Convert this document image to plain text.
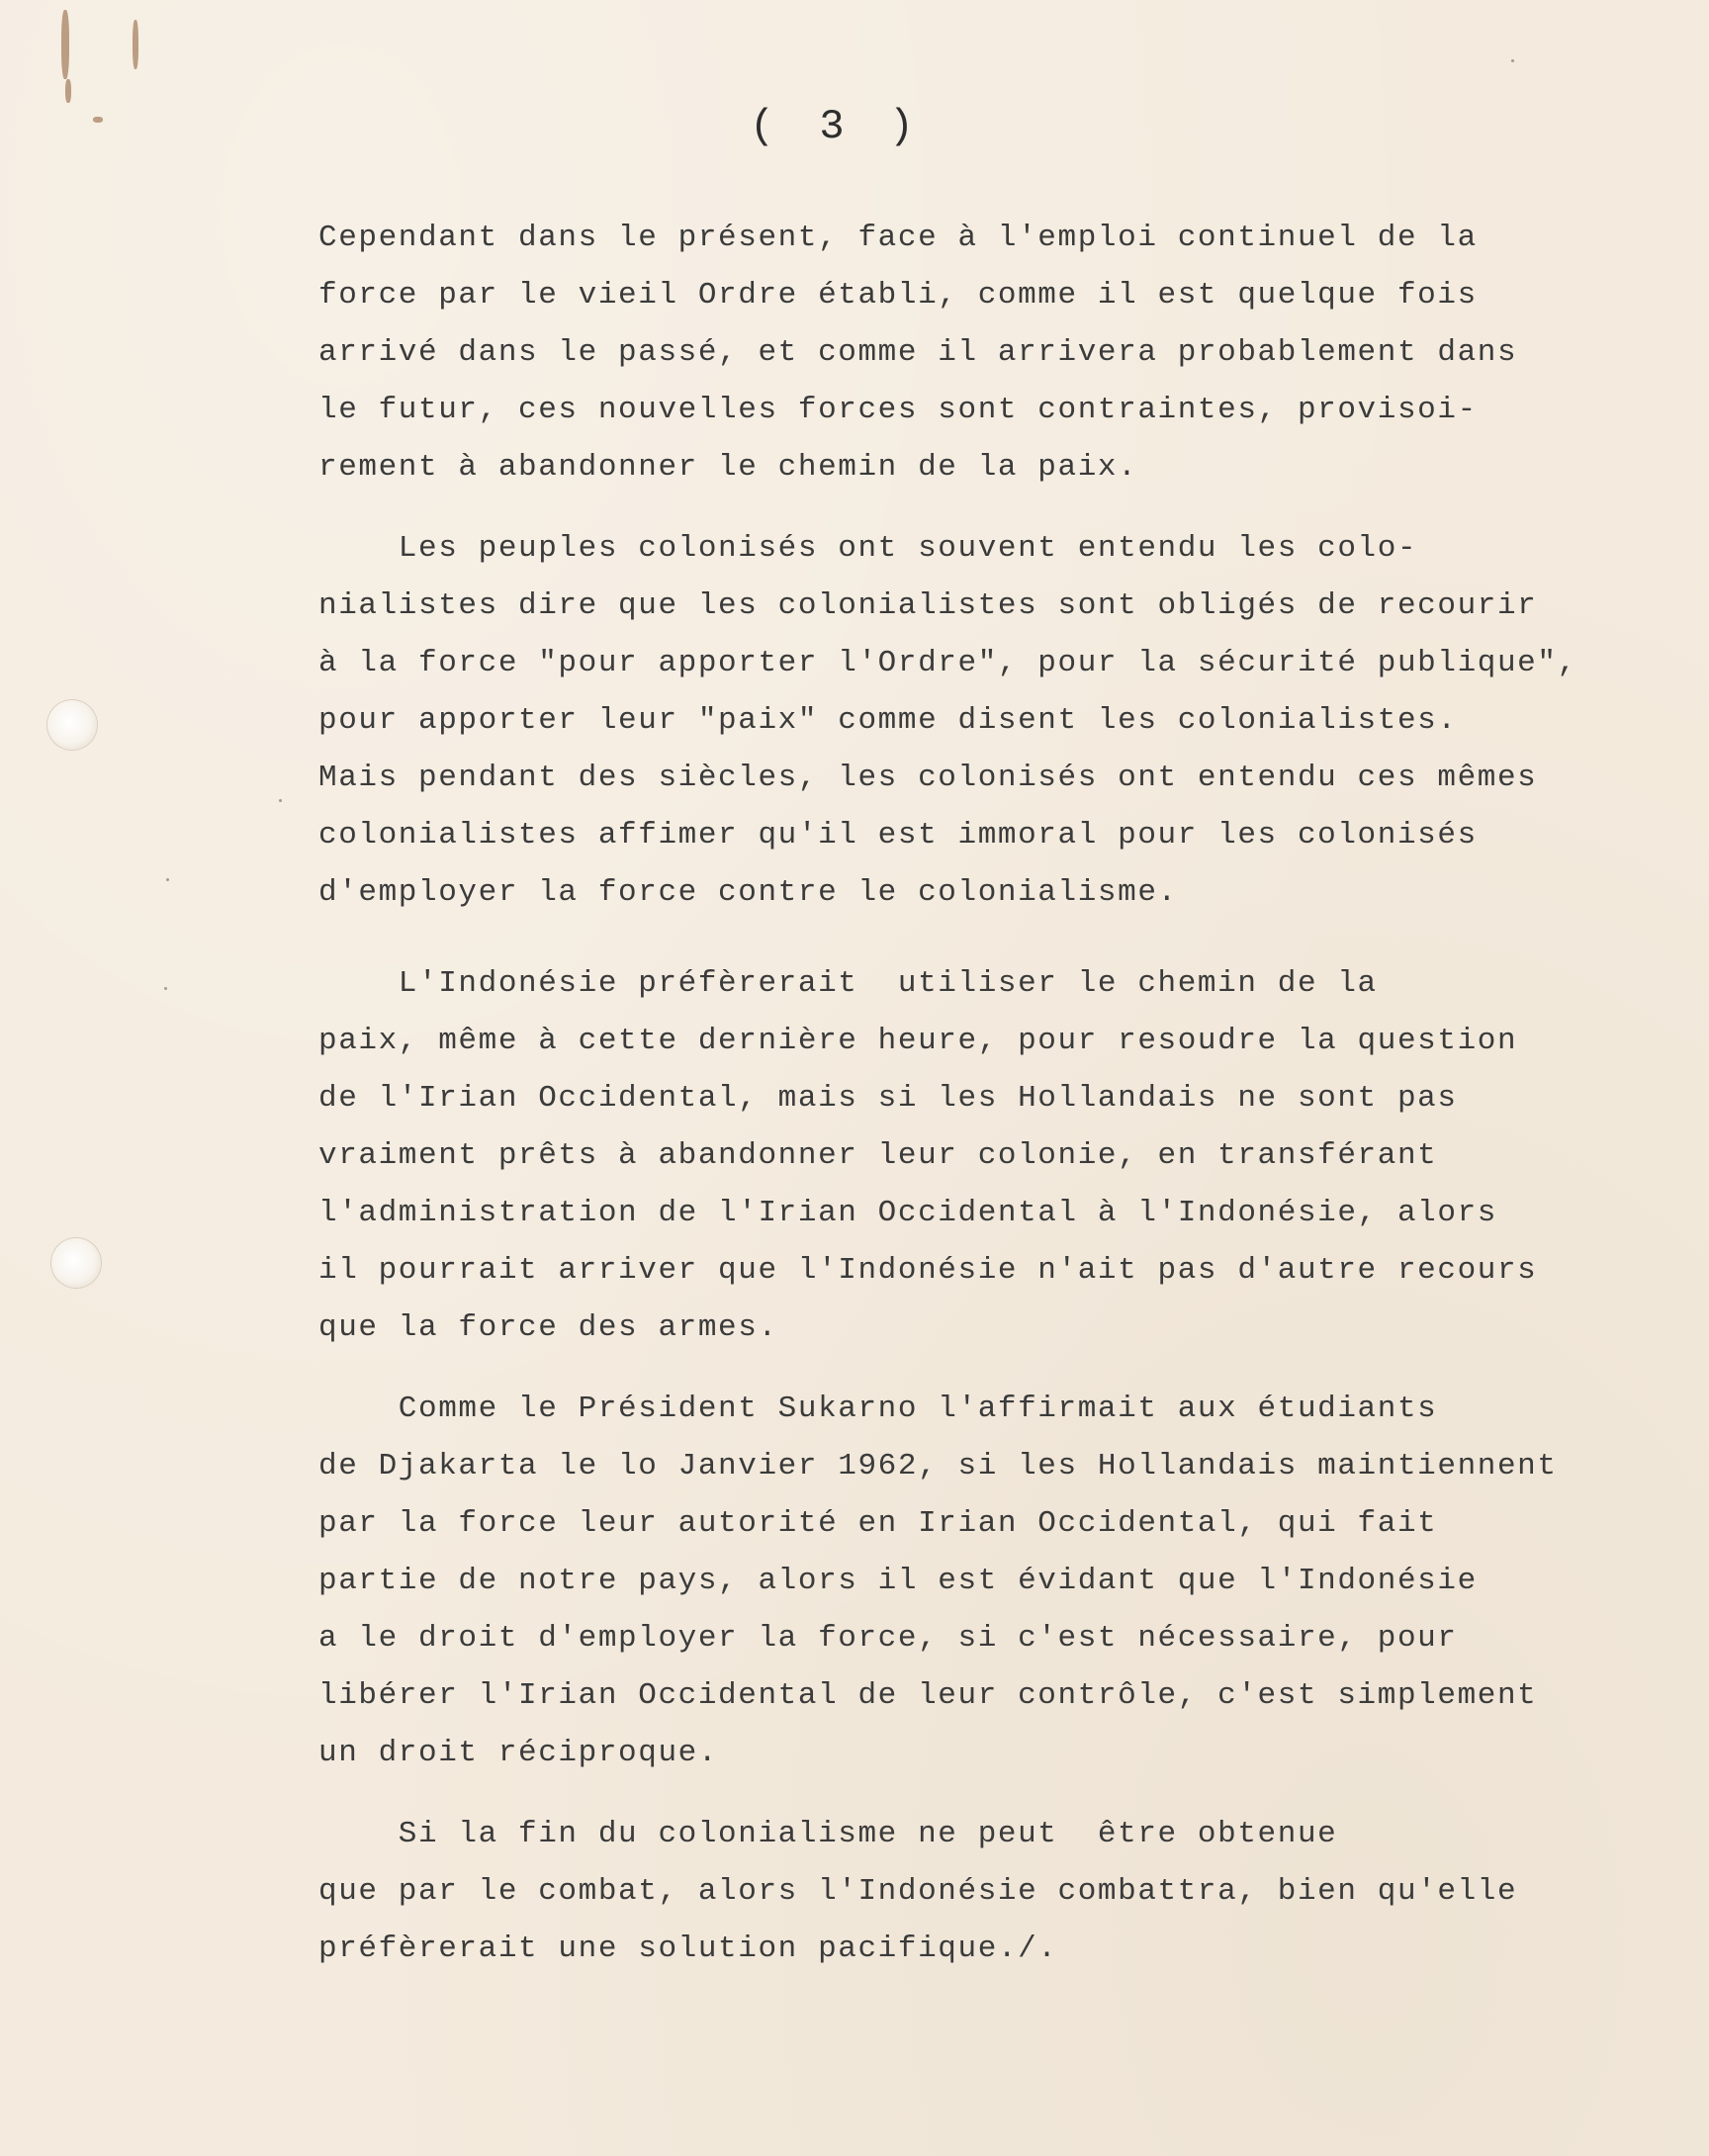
( 3 )
Cependant dans le présent, face à l'emploi continuel de la
force par le vieil Ordre établi, comme il est quelque fois
arrivé dans le passé, et comme il arrivera probablement dans
le futur, ces nouvelles forces sont contraintes, provisoi-
rement à abandonner le chemin de la paix.
Les peuples colonisés ont souvent entendu les colo-
nialistes dire que les colonialistes sont obligés de recourir
à la force "pour apporter l'Ordre", pour la sécurité publique",
pour apporter leur "paix" comme disent les colonialistes.
Mais pendant des siècles, les colonisés ont entendu ces mêmes
colonialistes affimer qu'il est immoral pour les colonisés
d'employer la force contre le colonialisme.
L'Indonésie préfèrerait  utiliser le chemin de la
paix, même à cette dernière heure, pour resoudre la question
de l'Irian Occidental, mais si les Hollandais ne sont pas
vraiment prêts à abandonner leur colonie, en transférant
l'administration de l'Irian Occidental à l'Indonésie, alors
il pourrait arriver que l'Indonésie n'ait pas d'autre recours
que la force des armes.
Comme le Président Sukarno l'affirmait aux étudiants
de Djakarta le lo Janvier 1962, si les Hollandais maintiennent
par la force leur autorité en Irian Occidental, qui fait
partie de notre pays, alors il est évidant que l'Indonésie
a le droit d'employer la force, si c'est nécessaire, pour
libérer l'Irian Occidental de leur contrôle, c'est simplement
un droit réciproque.
Si la fin du colonialisme ne peut  être obtenue
que par le combat, alors l'Indonésie combattra, bien qu'elle
préfèrerait une solution pacifique./.
